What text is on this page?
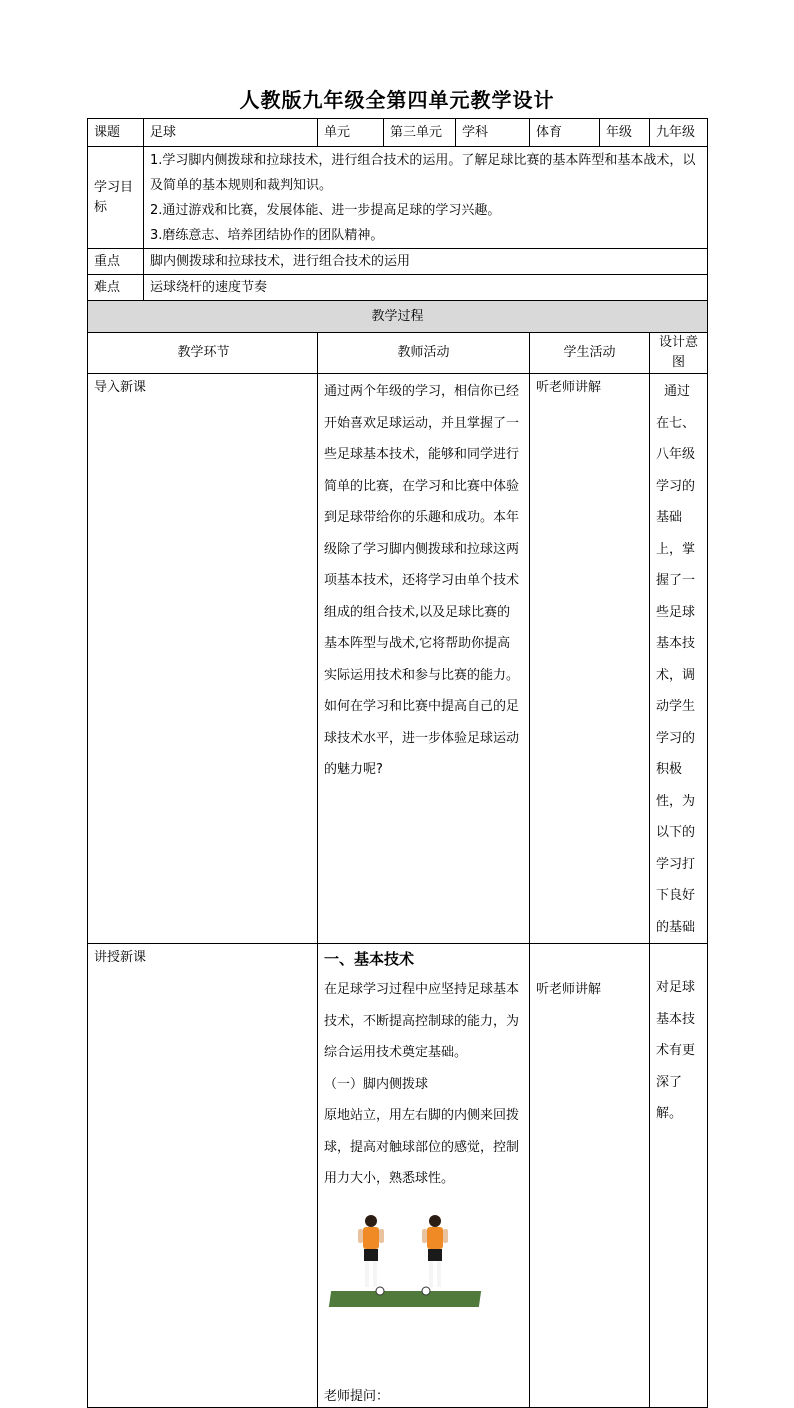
人教版九年级全第四单元教学设计
课题	足球	单元	第三单元	学科	体育	年级	九年级
学习目标	1.学习脚内侧拨球和拉球技术，进行组合技术的运用。了解足球比赛的基本阵型和基本战术，以及简单的基本规则和裁判知识。
2.通过游戏和比赛，发展体能、进一步提高足球的学习兴趣。
3.磨练意志、培养团结协作的团队精神。						

重点	脚内侧拨球和拉球技术，进行组合技术的运用						
难点	运球绕杆的速度节奏						
教学过程							
教学环节		教师活动			学生活动		设计意图
导入新课		通过两个年级的学习，相信你已经开始喜欢足球运动，并且掌握了一些足球基本技术，能够和同学进行简单的比赛，在学习和比赛中体验到足球带给你的乐趣和成功。本年级除了学习脚内侧拨球和拉球这两项基本技术，还将学习由单个技术组成的组合技术,以及足球比赛的基本阵型与战术,它将帮助你提高实际运用技术和参与比赛的能力。如何在学习和比赛中提高自己的足球技术水平，进一步体验足球运动的魅力呢?			听老师讲解		通过在七、八年级学习的基础上，掌握了一些足球基本技术，调动学生学习的积极性，为以下的学习打下良好的基础
讲授新课		一、基本技术
在足球学习过程中应坚持足球基本技术，不断提高控制球的能力，为综合运用技术奠定基础。
（一）脚内侧拨球
原地站立，用左右脚的内侧来回拨球，提高对触球部位的感觉，控制用力大小，熟悉球性。
老师提问：			听老师讲解		对足球基本技术有更深了解。
